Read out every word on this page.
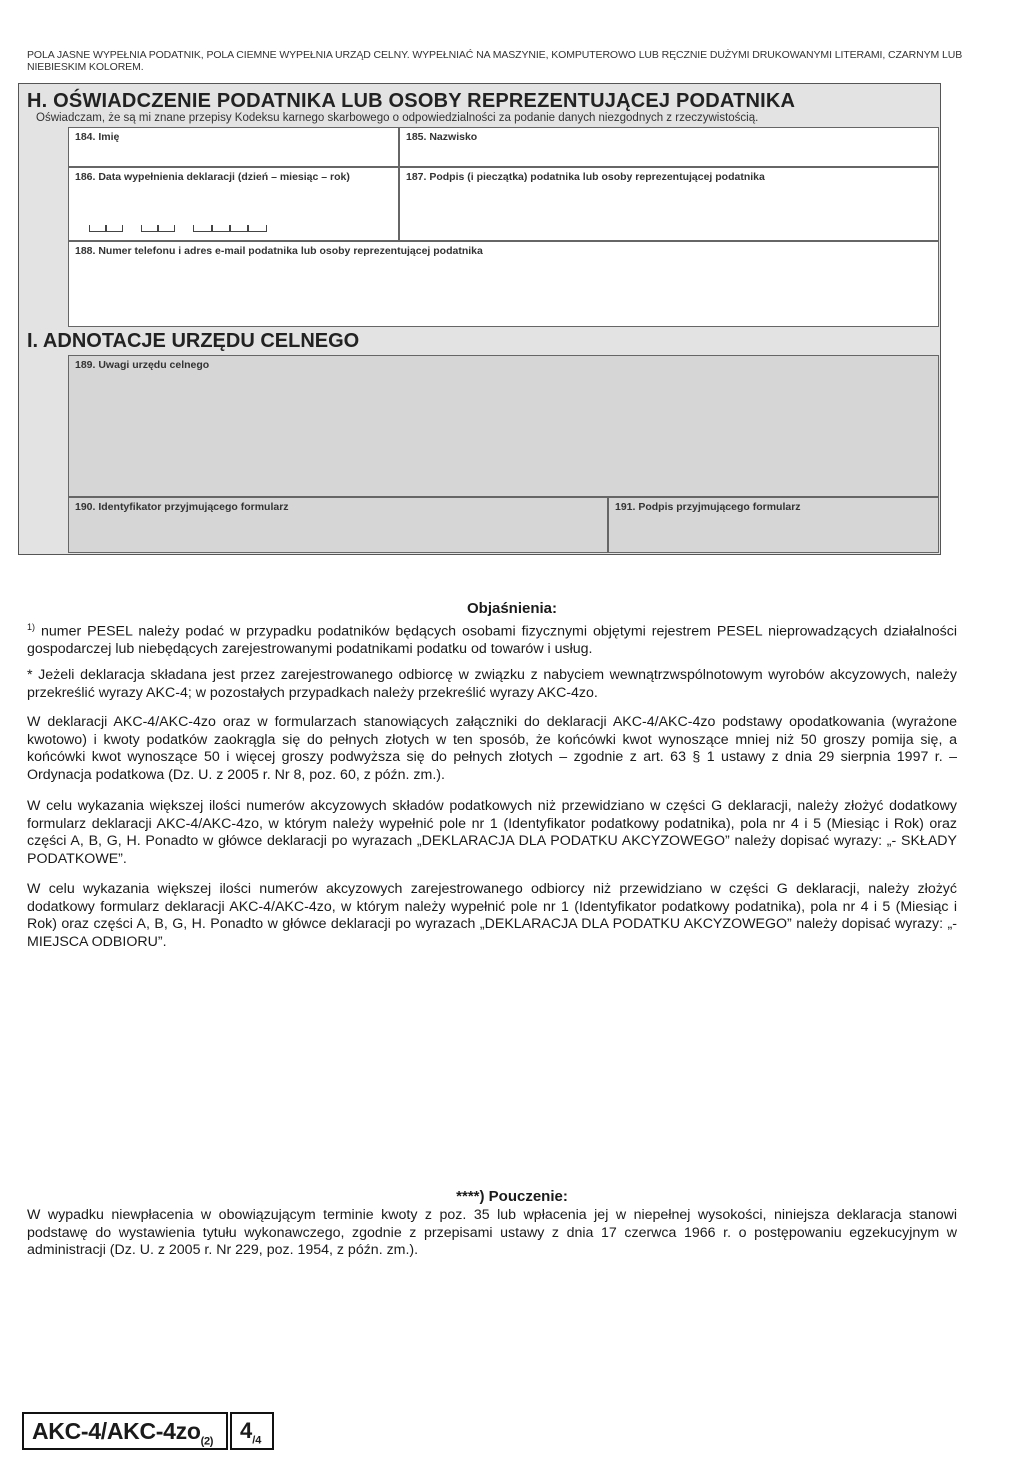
POLA JASNE WYPEŁNIA PODATNIK, POLA CIEMNE WYPEŁNIA URZĄD CELNY. WYPEŁNIAĆ NA MASZYNIE, KOMPUTEROWO LUB RĘCZNIE DUŻYMI DRUKOWANYMI LITERAMI, CZARNYM LUB NIEBIESKIM KOLOREM.
H. OŚWIADCZENIE PODATNIKA LUB OSOBY REPREZENTUJĄCEJ PODATNIKA
Oświadczam, że są mi znane przepisy Kodeksu karnego skarbowego o odpowiedzialności za podanie danych niezgodnych z rzeczywistością.
184. Imię	185. Nazwisko
186. Data wypełnienia deklaracji (dzień – miesiąc – rok)	187. Podpis (i pieczątka) podatnika lub osoby reprezentującej podatnika
188. Numer telefonu i adres e-mail podatnika lub osoby reprezentującej podatnika
I. ADNOTACJE URZĘDU CELNEGO
189. Uwagi urzędu celnego
190. Identyfikator przyjmującego formularz	191. Podpis przyjmującego formularz
Objaśnienia:
$^{1)}$ numer PESEL należy podać w przypadku podatników będących osobami fizycznymi objętymi rejestrem PESEL nieprowadzących działalności gospodarczej lub niebędących zarejestrowanymi podatnikami podatku od towarów i usług.
* Jeżeli deklaracja składana jest przez zarejestrowanego odbiorcę w związku z nabyciem wewnątrzwspólnotowym wyrobów akcyzowych, należy przekreślić wyrazy AKC-4; w pozostałych przypadkach należy przekreślić wyrazy AKC-4zo.
W deklaracji AKC-4/AKC-4zo oraz w formularzach stanowiących załączniki do deklaracji AKC-4/AKC-4zo podstawy opodatkowania (wyrażone kwotowo) i kwoty podatków zaokrągla się do pełnych złotych w ten sposób, że końcówki kwot wynoszące mniej niż 50 groszy pomija się, a końcówki kwot wynoszące 50 i więcej groszy podwyższa się do pełnych złotych – zgodnie z art. 63 § 1 ustawy z dnia 29 sierpnia 1997 r. – Ordynacja podatkowa (Dz. U. z 2005 r. Nr 8, poz. 60, z późn. zm.).
W celu wykazania większej ilości numerów akcyzowych składów podatkowych niż przewidziano w części G deklaracji, należy złożyć dodatkowy formularz deklaracji AKC-4/AKC-4zo, w którym należy wypełnić pole nr 1 (Identyfikator podatkowy podatnika), pola nr 4 i 5 (Miesiąc i Rok) oraz części A, B, G, H. Ponadto w główce deklaracji po wyrazach „DEKLARACJA DLA PODATKU AKCYZOWEGO” należy dopisać wyrazy: „- SKŁADY PODATKOWE”.
W celu wykazania większej ilości numerów akcyzowych zarejestrowanego odbiorcy niż przewidziano w części G deklaracji, należy złożyć dodatkowy formularz deklaracji AKC-4/AKC-4zo, w którym należy wypełnić pole nr 1 (Identyfikator podatkowy podatnika), pola nr 4 i 5 (Miesiąc i Rok) oraz części A, B, G, H. Ponadto w główce deklaracji po wyrazach „DEKLARACJA DLA PODATKU AKCYZOWEGO” należy dopisać wyrazy: „- MIEJSCA ODBIORU”.
****) Pouczenie:
W wypadku niewpłacenia w obowiązującym terminie kwoty z poz. 35 lub wpłacenia jej w niepełnej wysokości, niniejsza deklaracja stanowi podstawę do wystawienia tytułu wykonawczego, zgodnie z przepisami ustawy z dnia 17 czerwca 1966 r. o postępowaniu egzekucyjnym w administracji (Dz. U. z 2005 r. Nr 229, poz. 1954, z późn. zm.).
AKC-$4/AKC-4zo_{(2)}$	$4_{/4}$
